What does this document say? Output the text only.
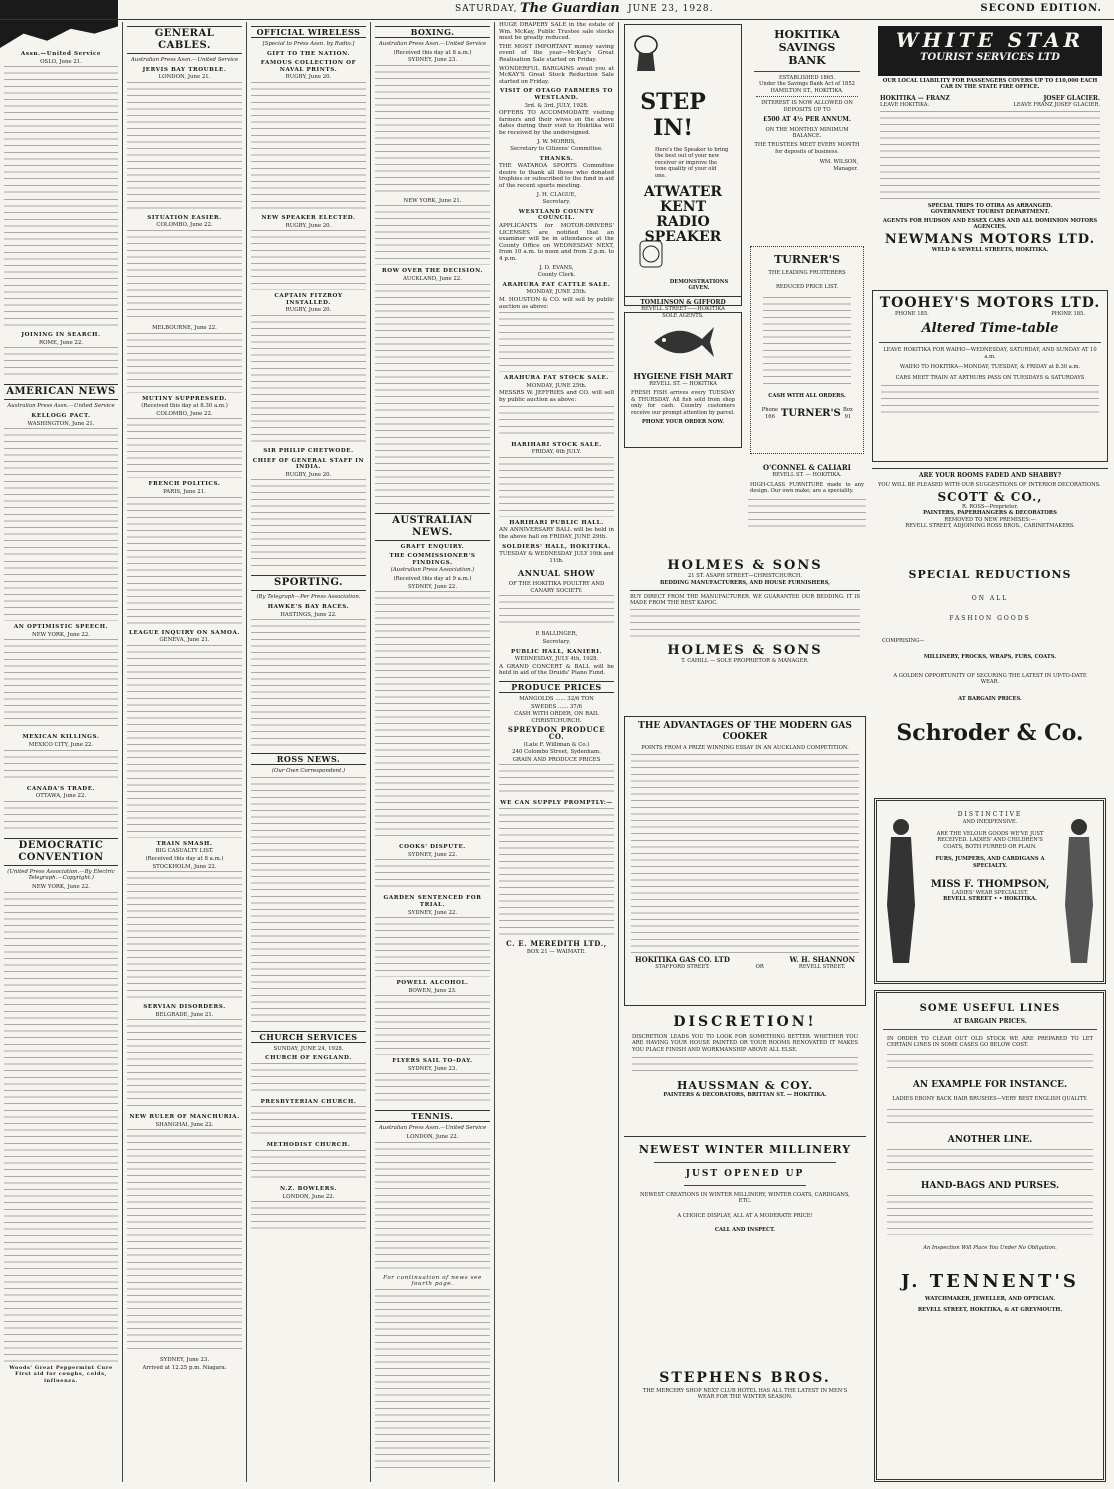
SATURDAY, The Guardian JUNE 23, 1928.	SECOND EDITION.
Assn.—United Service
OSLO, June 21.
JOINING IN SEARCH.
ROME, June 22.
AMERICAN NEWS
Australian Press Assn.—United Service
KELLOGG PACT.
WASHINGTON, June 21.
AN OPTIMISTIC SPEECH.
NEW YORK, June 22.
MEXICAN KILLINGS.
MEXICO CITY, June 22.
CANADA'S TRADE.
OTTAWA, June 22.
DEMOCRATIC CONVENTION
(United Press Association.—By Electric Telegraph.—Copyright.)
NEW YORK, June 22.
Woods' Great Peppermint Cure First aid for coughs, colds, influenza.
GENERAL CABLES.
Australian Press Assn.—United Service
JERVIS BAY TROUBLE.
LONDON, June 21.
SITUATION EASIER.
COLOMBO, June 22.
MELBOURNE, June 22.
MUTINY SUPPRESSED.
(Received this day at 8.30 a.m.)
COLOMBO, June 22.
FRENCH POLITICS.
PARIS, June 21.
LEAGUE INQUIRY ON SAMOA.
GENEVA, June 21.
TRAIN SMASH.
BIG CASUALTY LIST.
(Received this day at 8 a.m.)
STOCKHOLM, June 22.
SERVIAN DISORDERS.
BELGRADE, June 21.
NEW RULER OF MANCHURIA.
SHANGHAI, June 22.
SYDNEY, June 23.
Arrived at 12.25 p.m. Niagara.
OFFICIAL WIRELESS
[Special to Press Assn. by Radio.]
GIFT TO THE NATION.
FAMOUS COLLECTION OF NAVAL PRINTS.
RUGBY, June 20.
NEW SPEAKER ELECTED.
RUGBY, June 20.
CAPTAIN FITZROY INSTALLED.
RUGBY, June 20.
SIR PHILIP CHETWODE.
CHIEF OF GENERAL STAFF IN INDIA.
RUGBY, June 20.
SPORTING.
(By Telegraph—Per Press Association.
HAWKE'S BAY RACES.
HASTINGS, June 22.
ROSS NEWS.
(Our Own Correspondent.)
CHURCH SERVICES
SUNDAY, JUNE 24, 1928.
CHURCH OF ENGLAND.
PRESBYTERIAN CHURCH.
METHODIST CHURCH.
N.Z. BOWLERS.
LONDON, June 22.
BOXING.
Australian Press Assn.—United Service
(Received this day at 8 a.m.)
SYDNEY, June 23.
NEW YORK, June 21.
ROW OVER THE DECISION.
AUCKLAND, June 22.
AUSTRALIAN NEWS.
GRAFT ENQUIRY.
THE COMMISSIONER'S FINDINGS.
(Australian Press Association.)
(Received this day at 9 a.m.)
SYDNEY, June 22.
COOKS' DISPUTE.
SYDNEY, June 22.
GARDEN SENTENCED FOR TRIAL.
SYDNEY, June 22.
POWELL ALCOHOL.
BOWEN, June 23.
FLYERS SAIL TO-DAY.
SYDNEY, June 23.
TENNIS.
Australian Press Assn.—United Service
LONDON, June 22.
For continuation of news see fourth page.

HUGE DRAPERY SALE in the estate of Wm. McKay, Public Trustee sale stocks must be greatly reduced.

THE MOST IMPORTANT money saving event of the year—McKay's Great Realisation Sale started on Friday.

WONDERFUL BARGAINS await you at McKAY'S Great Stock Reduction Sale started on Friday.

VISIT OF OTAGO FARMERS TO WESTLAND.
3rd. & 3rd. JULY, 1928.

OFFERS TO ACCOMMODATE visiting farmers and their wives on the above dates during their visit to Hokitika will be received by the undersigned.

J. W. MORRIS,
Secretary to Citizens' Committee.
THANKS.

THE WATAROA SPORTS Committee desire to thank all those who donated trophies or subscribed to the fund in aid of the recent sports meeting.

J. H. CLAGUE,
Secretary.
WESTLAND COUNTY COUNCIL.

APPLICANTS for MOTOR-DRIVERS' LICENSES are notified that an examiner will be in attendance at the County Office on WEDNESDAY NEXT, from 10 a.m. to noon and from 2 p.m. to 4 p.m.

J. D. EVANS,
County Clerk.
ARAHURA FAT CATTLE SALE.
MONDAY, JUNE 25th.

M. HOUSTON & CO. will sell by public auction as above:

ARAHURA FAT STOCK SALE.
MONDAY, JUNE 25th.

MESSRS W. JEFFRIES and CO. will sell by public auction as above:

HARIHARI STOCK SALE.
FRIDAY, 6th JULY.
HARIHARI PUBLIC HALL.

AN ANNIVERSARY BALL will be held in the above hall on FRIDAY, JUNE 29th.

SOLDIERS' HALL, HOKITIKA.
TUESDAY & WEDNESDAY JULY 10th and 11th.
ANNUAL SHOW
OF THE HOKITIKA POULTRY AND CANARY SOCIETY.
P. BALLINGER,
Secretary.
PUBLIC HALL, KANIERI.
WEDNESDAY, JULY 4th, 1928.

A GRAND CONCERT & BALL will be held in aid of the Druids' Piano Fund.

PRODUCE PRICES
MANGOLDS ...... 32/6 TON
SWEDES ...... 37/6
CASH WITH ORDER, ON RAIL CHRISTCHURCH.
SPREYDON PRODUCE CO.
(Late F. Williman & Co.)
240 Colombo Street, Sydenham.
GRAIN AND PRODUCE PRICES
WE CAN SUPPLY PROMPTLY:—
C. E. MEREDITH LTD.,
BOX 21 — WAIMATE.
STEP IN!
Here's the Speaker to bring the best out of your new receiver or improve the tone quality of your old one.
ATWATER KENT RADIO SPEAKER
DEMONSTRATIONS GIVEN.
TOMLINSON & GIFFORD
REVELL STREET——HOKITIKA
SOLE AGENTS.
HYGIENE FISH MART
REVELL ST. — HOKITIKA
FRESH FISH arrives every TUESDAY & THURSDAY. All fish sold from shop only for cash. Country customers receive our prompt attention by parcel.
PHONE YOUR ORDER NOW.
HOKITIKA SAVINGS BANK
ESTABLISHED 1865.
Under the Savings Bank Act of 1852
HAMILTON ST., HOKITIKA.
INTEREST IS NOW ALLOWED ON DEPOSITS UP TO
£500 AT 4½ PER ANNUM.
ON THE MONTHLY MINIMUM BALANCE.
THE TRUSTEES MEET EVERY MONTH for deposits of business.
WM. WILSON,
Manager.
TURNER'S
THE LEADING FRUITERERS
REDUCED PRICE LIST.
CASH WITH ALL ORDERS.
Phone 166 TURNER'S Box 91
O'CONNEL & CALIARI
REVELL ST. — HOKITIKA.
HIGH-CLASS FURNITURE made to any design. Our own make; are a speciality.
WHITE STAR
TOURIST SERVICES LTD
OUR LOCAL LIABILITY FOR PASSENGERS COVERS UP TO £10,000 EACH CAR IN THE STATE FIRE OFFICE.
HOKITIKA — FRANZ	JOSEF GLACIER.
LEAVE HOKITIKA.	LEAVE FRANZ JOSEF GLACIER.
SPECIAL TRIPS TO OTIRA AS ARRANGED.
GOVERNMENT TOURIST DEPARTMENT.
AGENTS FOR HUDSON AND ESSEX CARS AND ALL DOMINION MOTORS AGENCIES.
NEWMANS MOTORS LTD.
WELD & SEWELL STREETS, HOKITIKA.
TOOHEY'S MOTORS LTD.
PHONE 185.	PHONE 185.
Altered Time-table
LEAVE HOKITIKA FOR WAIHO—WEDNESDAY, SATURDAY, AND SUNDAY AT 10 a.m.
WAIHO TO HOKITIKA—MONDAY, TUESDAY, & FRIDAY at 8.30 a.m.
CARS MEET TRAIN AT ARTHURS PASS ON TUESDAYS & SATURDAYS
ARE YOUR ROOMS FADED AND SHABBY?
YOU WILL BE PLEASED WITH OUR SUGGESTIONS OF INTERIOR DECORATIONS.
SCOTT & CO.,
R. ROSS—Proprietor.
PAINTERS, PAPERHANGERS & DECORATORS
REMOVED TO NEW PREMISES:—
REVELL STREET, ADJOINING ROSS BROS., CABINETMAKERS.
HOLMES & SONS
21 ST. ASAPH STREET—CHRISTCHURCH.
BEDDING MANUFACTURERS, AND HOUSE FURNISHERS,
BUY DIRECT FROM THE MANUFACTURER. WE GUARANTEE OUR BEDDING. IT IS MADE FROM THE BEST KAPOC.
HOLMES & SONS
T. CAHILL — SOLE PROPRIETOR & MANAGER.
THE ADVANTAGES OF THE MODERN GAS COOKER
POINTS FROM A PRIZE WINNING ESSAY IN AN AUCKLAND COMPETITION.
HOKITIKA GAS CO. LTD
STAFFORD STREET.	OR
W. H. SHANNON
REVELL STREET.
DISCRETION!
DISCRETION LEADS YOU TO LOOK FOR SOMETHING BETTER. WHETHER YOU ARE HAVING YOUR HOUSE PAINTED OR YOUR ROOMS RENOVATED IT MAKES YOU PLACE FINISH AND WORKMANSHIP ABOVE ALL ELSE.
HAUSSMAN & COY.
PAINTERS & DECORATORS, BRITTAN ST. — HOKITIKA.
NEWEST WINTER MILLINERY
JUST OPENED UP
NEWEST CREATIONS IN WINTER MILLINERY, WINTER COATS, CARDIGANS, ETC.
A CHOICE DISPLAY, ALL AT A MODERATE PRICE!
CALL AND INSPECT.
STEPHENS BROS.
THE MERCERY SHOP NEXT CLUB HOTEL HAS ALL THE LATEST IN MEN'S WEAR FOR THE WINTER SEASON.
SPECIAL REDUCTIONS
ON ALL
FASHION GOODS
COMPRISING—
MILLINERY, FROCKS, WRAPS, FURS, COATS.
A GOLDEN OPPORTUNITY OF SECURING THE LATEST IN UP-TO-DATE WEAR.
AT BARGAIN PRICES.
Schroder & Co.
DISTINCTIVE
AND INEXPENSIVE.
ARE THE VELOUR GOODS WE'VE JUST RECEIVED. LADIES' AND CHILDREN'S COATS, BOTH FURRED OR PLAIN.
FURS, JUMPERS, AND CARDIGANS A SPECIALTY.
MISS F. THOMPSON,
LADIES' WEAR SPECIALIST,
REVELL STREET • • HOKITIKA.
SOME USEFUL LINES
AT BARGAIN PRICES.
IN ORDER TO CLEAR OUT OLD STOCK WE ARE PREPARED TO LET CERTAIN LINES IN SOME CASES GO BELOW COST.
AN EXAMPLE FOR INSTANCE.
LADIES EBONY BACK HAIR BRUSHES—VERY BEST ENGLISH QUALITY.
ANOTHER LINE.
HAND-BAGS AND PURSES.
An Inspection Will Place You Under No Obligation.
J. TENNENT'S
WATCHMAKER, JEWELLER, AND OPTICIAN.
REVELL STREET, HOKITIKA, & AT GREYMOUTH.
